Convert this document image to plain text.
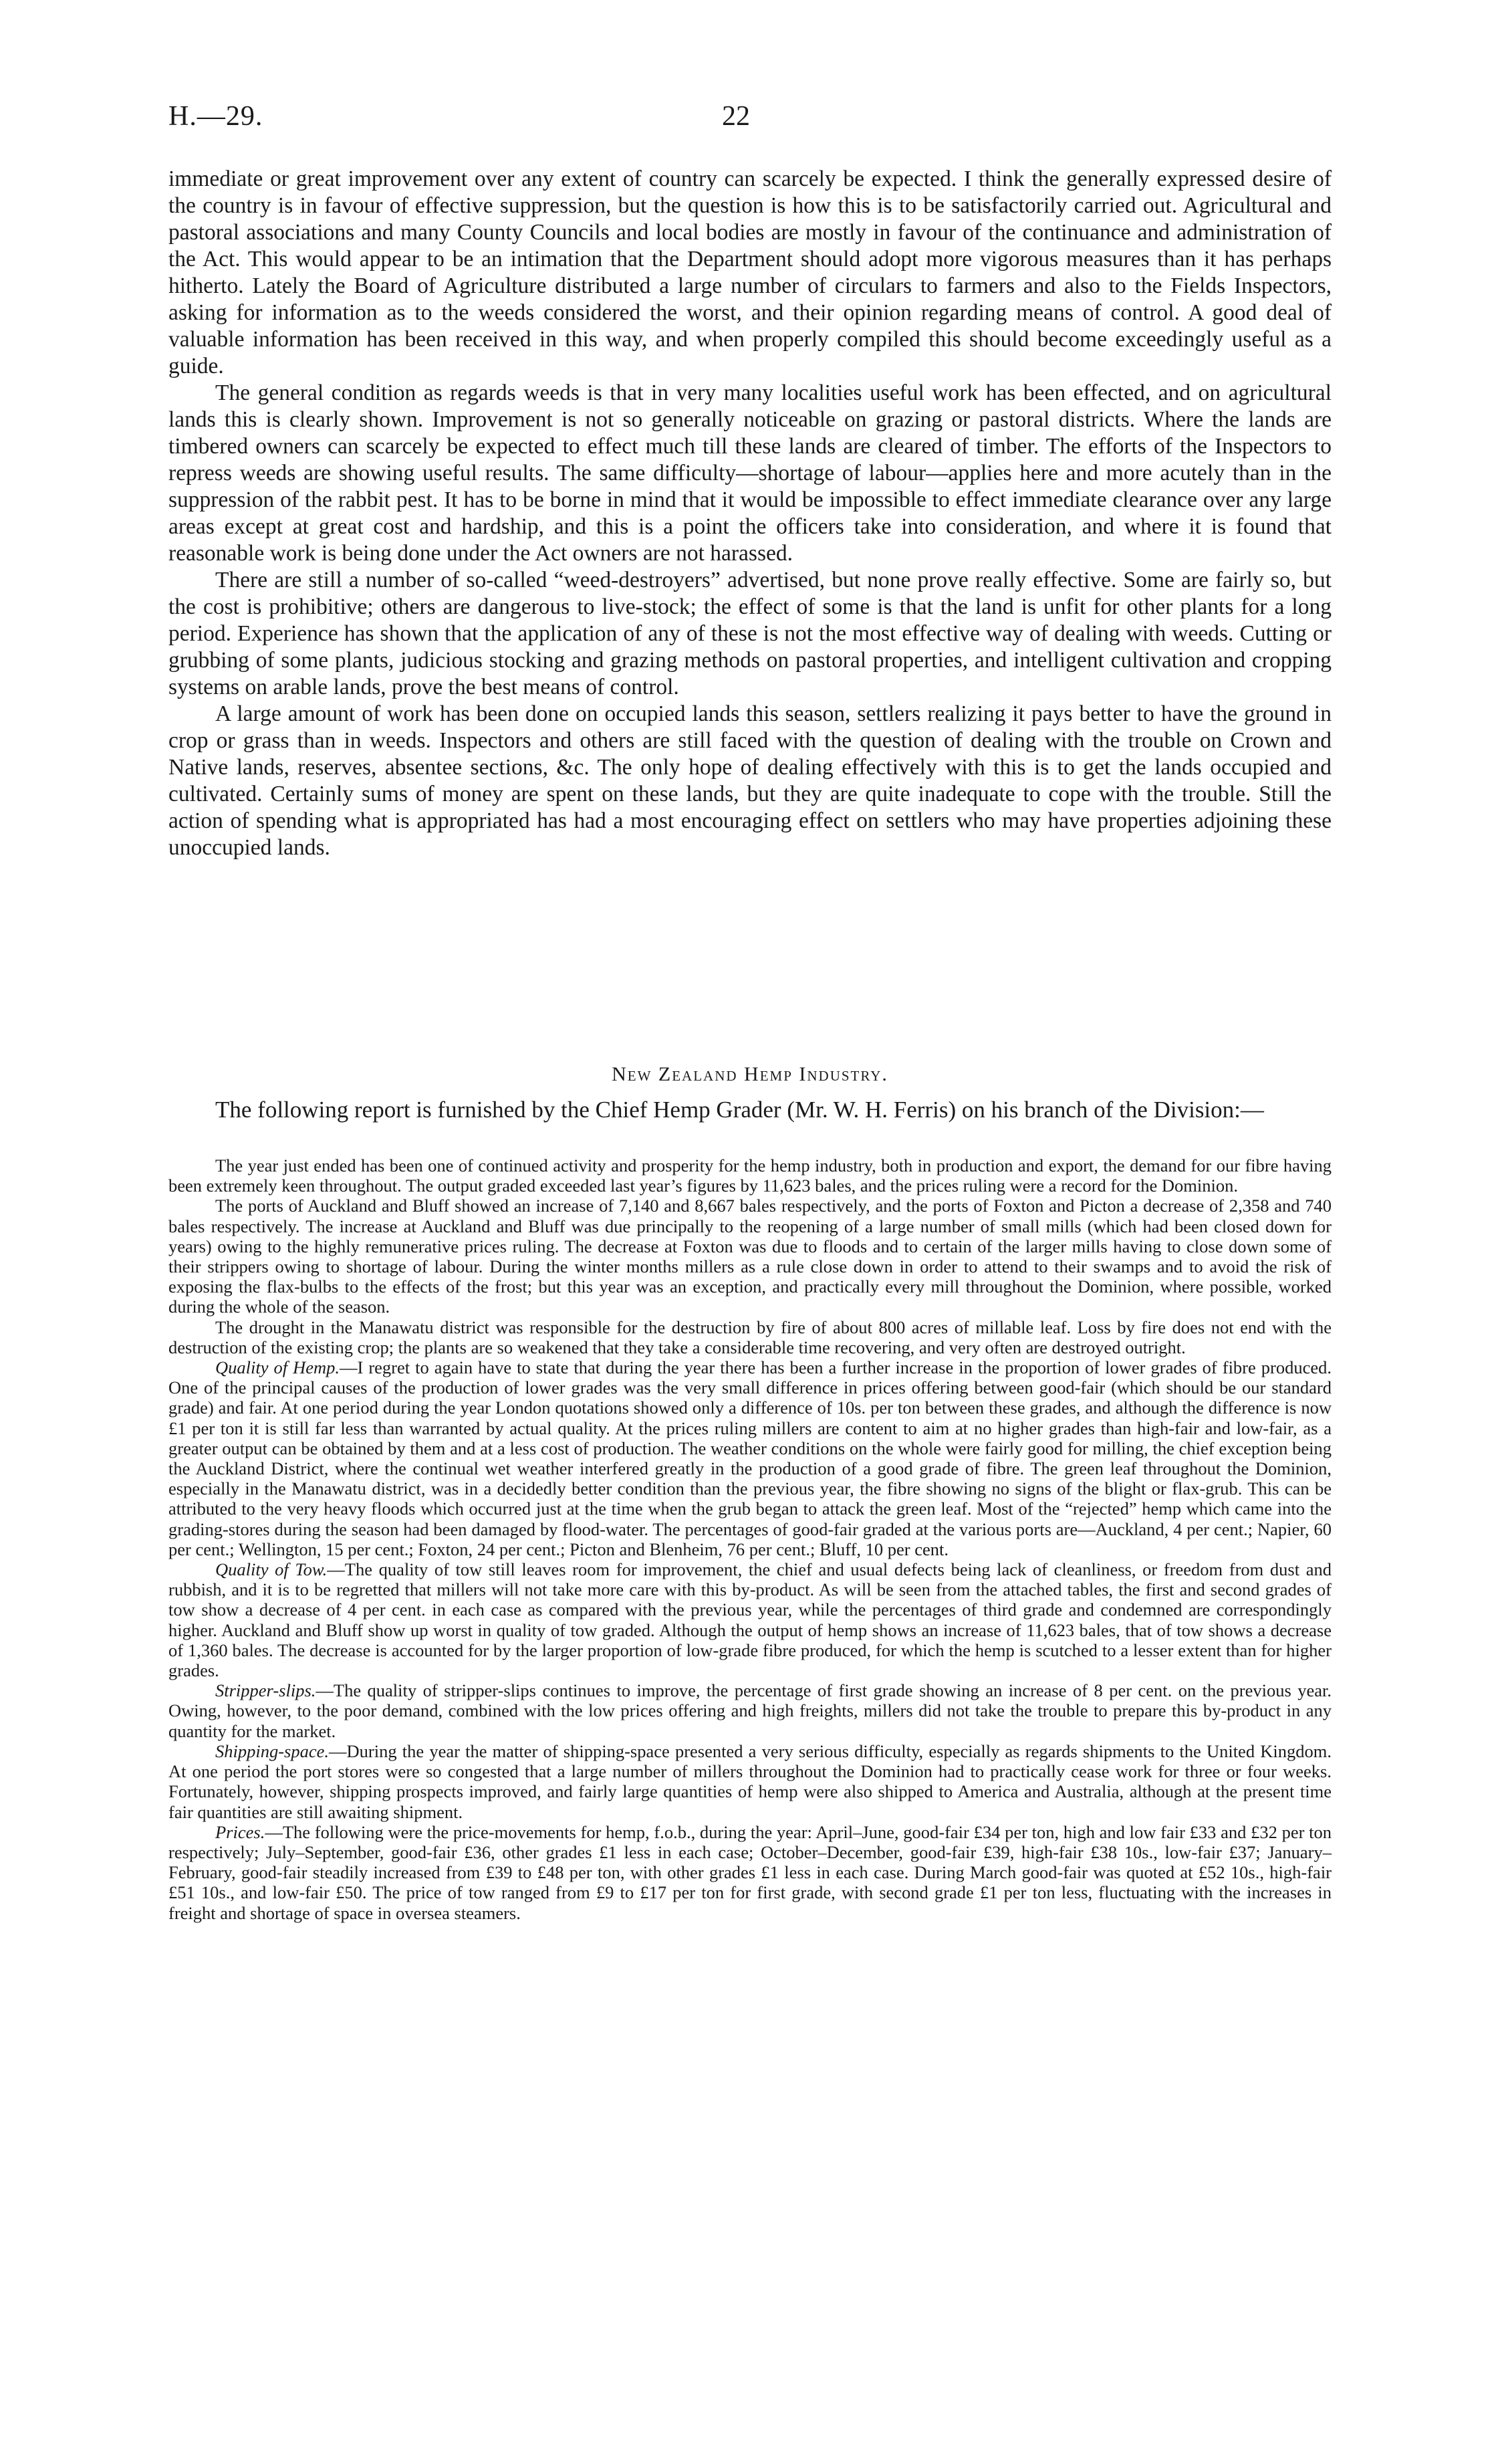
H.—29.	22

immediate or great improvement over any extent of country can scarcely be expected. I think the generally expressed desire of the country is in favour of effective suppression, but the question is how this is to be satisfactorily carried out. Agricultural and pastoral associations and many County Councils and local bodies are mostly in favour of the continuance and administration of the Act. This would appear to be an intimation that the Department should adopt more vigorous measures than it has perhaps hitherto. Lately the Board of Agriculture distributed a large number of circulars to farmers and also to the Fields Inspectors, asking for information as to the weeds considered the worst, and their opinion regarding means of control. A good deal of valuable information has been received in this way, and when properly compiled this should become exceedingly useful as a guide.

The general condition as regards weeds is that in very many localities useful work has been effected, and on agricultural lands this is clearly shown. Improvement is not so generally noticeable on grazing or pastoral districts. Where the lands are timbered owners can scarcely be expected to effect much till these lands are cleared of timber. The efforts of the Inspectors to repress weeds are showing useful results. The same difficulty—shortage of labour—applies here and more acutely than in the suppression of the rabbit pest. It has to be borne in mind that it would be impossible to effect immediate clearance over any large areas except at great cost and hardship, and this is a point the officers take into consideration, and where it is found that reasonable work is being done under the Act owners are not harassed.

There are still a number of so-called “weed-destroyers” advertised, but none prove really effective. Some are fairly so, but the cost is prohibitive; others are dangerous to live-stock; the effect of some is that the land is unfit for other plants for a long period. Experience has shown that the application of any of these is not the most effective way of dealing with weeds. Cutting or grubbing of some plants, judicious stocking and grazing methods on pastoral properties, and intelligent cultivation and cropping systems on arable lands, prove the best means of control.

A large amount of work has been done on occupied lands this season, settlers realizing it pays better to have the ground in crop or grass than in weeds. Inspectors and others are still faced with the question of dealing with the trouble on Crown and Native lands, reserves, absentee sections, &c. The only hope of dealing effectively with this is to get the lands occupied and cultivated. Certainly sums of money are spent on these lands, but they are quite inadequate to cope with the trouble. Still the action of spending what is appropriated has had a most encouraging effect on settlers who may have properties adjoining these unoccupied lands.

New Zealand Hemp Industry.

The following report is furnished by the Chief Hemp Grader (Mr. W. H. Ferris) on his branch of the Division:—

The year just ended has been one of continued activity and prosperity for the hemp industry, both in production and export, the demand for our fibre having been extremely keen throughout. The output graded exceeded last year’s figures by 11,623 bales, and the prices ruling were a record for the Dominion.

The ports of Auckland and Bluff showed an increase of 7,140 and 8,667 bales respectively, and the ports of Foxton and Picton a decrease of 2,358 and 740 bales respectively. The increase at Auckland and Bluff was due principally to the reopening of a large number of small mills (which had been closed down for years) owing to the highly remunerative prices ruling. The decrease at Foxton was due to floods and to certain of the larger mills having to close down some of their strippers owing to shortage of labour. During the winter months millers as a rule close down in order to attend to their swamps and to avoid the risk of exposing the flax-bulbs to the effects of the frost; but this year was an exception, and practically every mill throughout the Dominion, where possible, worked during the whole of the season.

The drought in the Manawatu district was responsible for the destruction by fire of about 800 acres of millable leaf. Loss by fire does not end with the destruction of the existing crop; the plants are so weakened that they take a considerable time recovering, and very often are destroyed outright.

Quality of Hemp.—I regret to again have to state that during the year there has been a further increase in the proportion of lower grades of fibre produced. One of the principal causes of the production of lower grades was the very small difference in prices offering between good-fair (which should be our standard grade) and fair. At one period during the year London quotations showed only a difference of 10s. per ton between these grades, and although the difference is now £1 per ton it is still far less than warranted by actual quality. At the prices ruling millers are content to aim at no higher grades than high-fair and low-fair, as a greater output can be obtained by them and at a less cost of production. The weather conditions on the whole were fairly good for milling, the chief exception being the Auckland District, where the continual wet weather interfered greatly in the production of a good grade of fibre. The green leaf throughout the Dominion, especially in the Manawatu district, was in a decidedly better condition than the previous year, the fibre showing no signs of the blight or flax-grub. This can be attributed to the very heavy floods which occurred just at the time when the grub began to attack the green leaf. Most of the “rejected” hemp which came into the grading-stores during the season had been damaged by flood-water. The percentages of good-fair graded at the various ports are—Auckland, 4 per cent.; Napier, 60 per cent.; Wellington, 15 per cent.; Foxton, 24 per cent.; Picton and Blenheim, 76 per cent.; Bluff, 10 per cent.

Quality of Tow.—The quality of tow still leaves room for improvement, the chief and usual defects being lack of cleanliness, or freedom from dust and rubbish, and it is to be regretted that millers will not take more care with this by-product. As will be seen from the attached tables, the first and second grades of tow show a decrease of 4 per cent. in each case as compared with the previous year, while the percentages of third grade and condemned are correspondingly higher. Auckland and Bluff show up worst in quality of tow graded. Although the output of hemp shows an increase of 11,623 bales, that of tow shows a decrease of 1,360 bales. The decrease is accounted for by the larger proportion of low-grade fibre produced, for which the hemp is scutched to a lesser extent than for higher grades.

Stripper-slips.—The quality of stripper-slips continues to improve, the percentage of first grade showing an increase of 8 per cent. on the previous year. Owing, however, to the poor demand, combined with the low prices offering and high freights, millers did not take the trouble to prepare this by-product in any quantity for the market.

Shipping-space.—During the year the matter of shipping-space presented a very serious difficulty, especially as regards shipments to the United Kingdom. At one period the port stores were so congested that a large number of millers throughout the Dominion had to practically cease work for three or four weeks. Fortunately, however, shipping prospects improved, and fairly large quantities of hemp were also shipped to America and Australia, although at the present time fair quantities are still awaiting shipment.

Prices.—The following were the price-movements for hemp, f.o.b., during the year: April–June, good-fair £34 per ton, high and low fair £33 and £32 per ton respectively; July–September, good-fair £36, other grades £1 less in each case; October–December, good-fair £39, high-fair £38 10s., low-fair £37; January–February, good-fair steadily increased from £39 to £48 per ton, with other grades £1 less in each case. During March good-fair was quoted at £52 10s., high-fair £51 10s., and low-fair £50. The price of tow ranged from £9 to £17 per ton for first grade, with second grade £1 per ton less, fluctuating with the increases in freight and shortage of space in oversea steamers.
